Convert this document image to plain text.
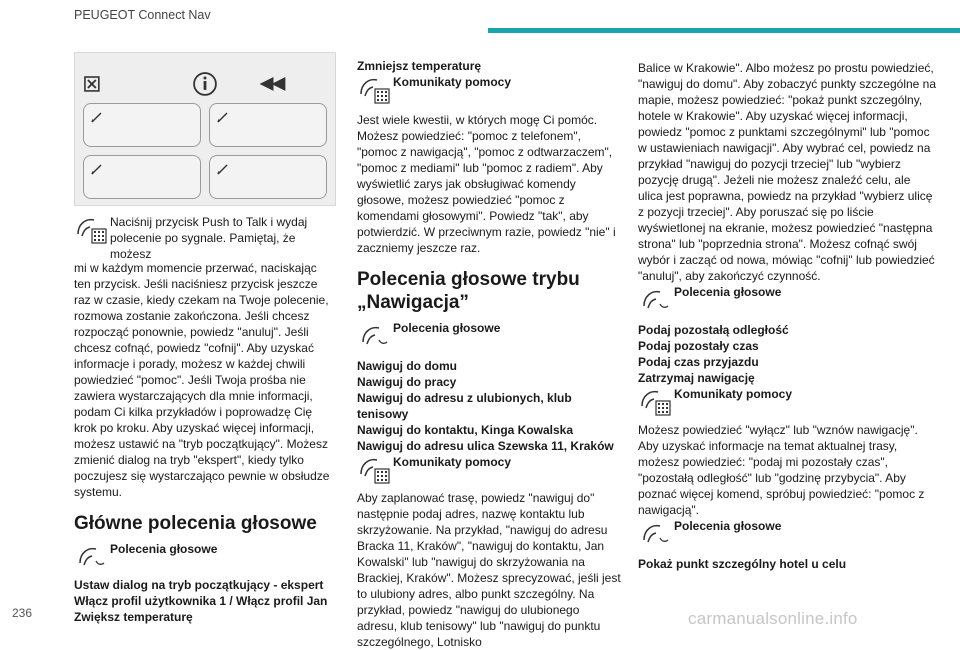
PEUGEOT Connect Nav

Naciśnij przycisk Push to Talk i wydaj

polecenie po sygnale. Pamiętaj, że możesz

mi w każdym momencie przerwać, naciskając ten przycisk. Jeśli naciśniesz przycisk jeszcze raz w czasie, kiedy czekam na Twoje polecenie, rozmowa zostanie zakończona. Jeśli chcesz rozpocząć ponownie, powiedz "anuluj". Jeśli chcesz cofnąć, powiedz "cofnij". Aby uzyskać informacje i porady, możesz w każdej chwili powiedzieć "pomoc". Jeśli Twoja prośba nie zawiera wystarczających dla mnie informacji, podam Ci kilka przykładów i poprowadzę Cię krok po kroku. Aby uzyskać więcej informacji, możesz ustawić na "tryb początkujący". Możesz zmienić dialog na tryb "ekspert", kiedy tylko poczujesz się wystarczająco pewnie w obsłudze systemu.

Główne polecenia głosowe
Polecenia głosowe

Ustaw dialog na tryb początkujący - ekspert

Włącz profil użytkownika 1 / Włącz profil Jan

Zwiększ temperaturę

Zmniejsz temperaturę

Komunikaty pomocy

Jest wiele kwestii, w których mogę Ci pomóc. Możesz powiedzieć: "pomoc z telefonem", "pomoc z nawigacją", "pomoc z odtwarzaczem", "pomoc z mediami" lub "pomoc z radiem". Aby wyświetlić zarys jak obsługiwać komendy głosowe, możesz powiedzieć "pomoc z komendami głosowymi". Powiedz "tak", aby potwierdzić. W przeciwnym razie, powiedz "nie" i zaczniemy jeszcze raz.

Polecenia głosowe trybu „Nawigacja”
Polecenia głosowe

Nawiguj do domu

Nawiguj do pracy

Nawiguj do adresu z ulubionych, klub tenisowy

Nawiguj do kontaktu, Kinga Kowalska

Nawiguj do adresu ulica Szewska 11, Kraków

Komunikaty pomocy

Aby zaplanować trasę, powiedz "nawiguj do" następnie podaj adres, nazwę kontaktu lub skrzyżowanie. Na przykład, "nawiguj do adresu Bracka 11, Kraków", "nawiguj do kontaktu, Jan Kowalski" lub "nawiguj do skrzyżowania na Brackiej, Kraków". Możesz sprecyzować, jeśli jest to ulubiony adres, albo punkt szczególny. Na przykład, powiedz "nawiguj do ulubionego adresu, klub tenisowy" lub "nawiguj do punktu szczególnego, Lotnisko

Balice w Krakowie". Albo możesz po prostu powiedzieć, "nawiguj do domu". Aby zobaczyć punkty szczególne na mapie, możesz powiedzieć: "pokaż punkt szczególny, hotele w Krakowie". Aby uzyskać więcej informacji, powiedz "pomoc z punktami szczególnymi" lub "pomoc w ustawieniach nawigacji". Aby wybrać cel, powiedz na przykład "nawiguj do pozycji trzeciej" lub "wybierz pozycję drugą". Jeżeli nie możesz znaleźć celu, ale ulica jest poprawna, powiedz na przykład "wybierz ulicę z pozycji trzeciej". Aby poruszać się po liście wyświetlonej na ekranie, możesz powiedzieć "następna strona" lub "poprzednia strona". Możesz cofnąć swój wybór i zacząć od nowa, mówiąc "cofnij" lub powiedzieć "anuluj", aby zakończyć czynność.

Polecenia głosowe

Podaj pozostałą odległość

Podaj pozostały czas

Podaj czas przyjazdu

Zatrzymaj nawigację

Komunikaty pomocy

Możesz powiedzieć "wyłącz" lub "wznów nawigację". Aby uzyskać informacje na temat aktualnej trasy, możesz powiedzieć: "podaj mi pozostały czas", "pozostałą odległość" lub "godzinę przybycia". Aby poznać więcej komend, spróbuj powiedzieć: "pomoc z nawigacją".

Polecenia głosowe

Pokaż punkt szczególny hotel u celu

236	carmanualsonline.info
